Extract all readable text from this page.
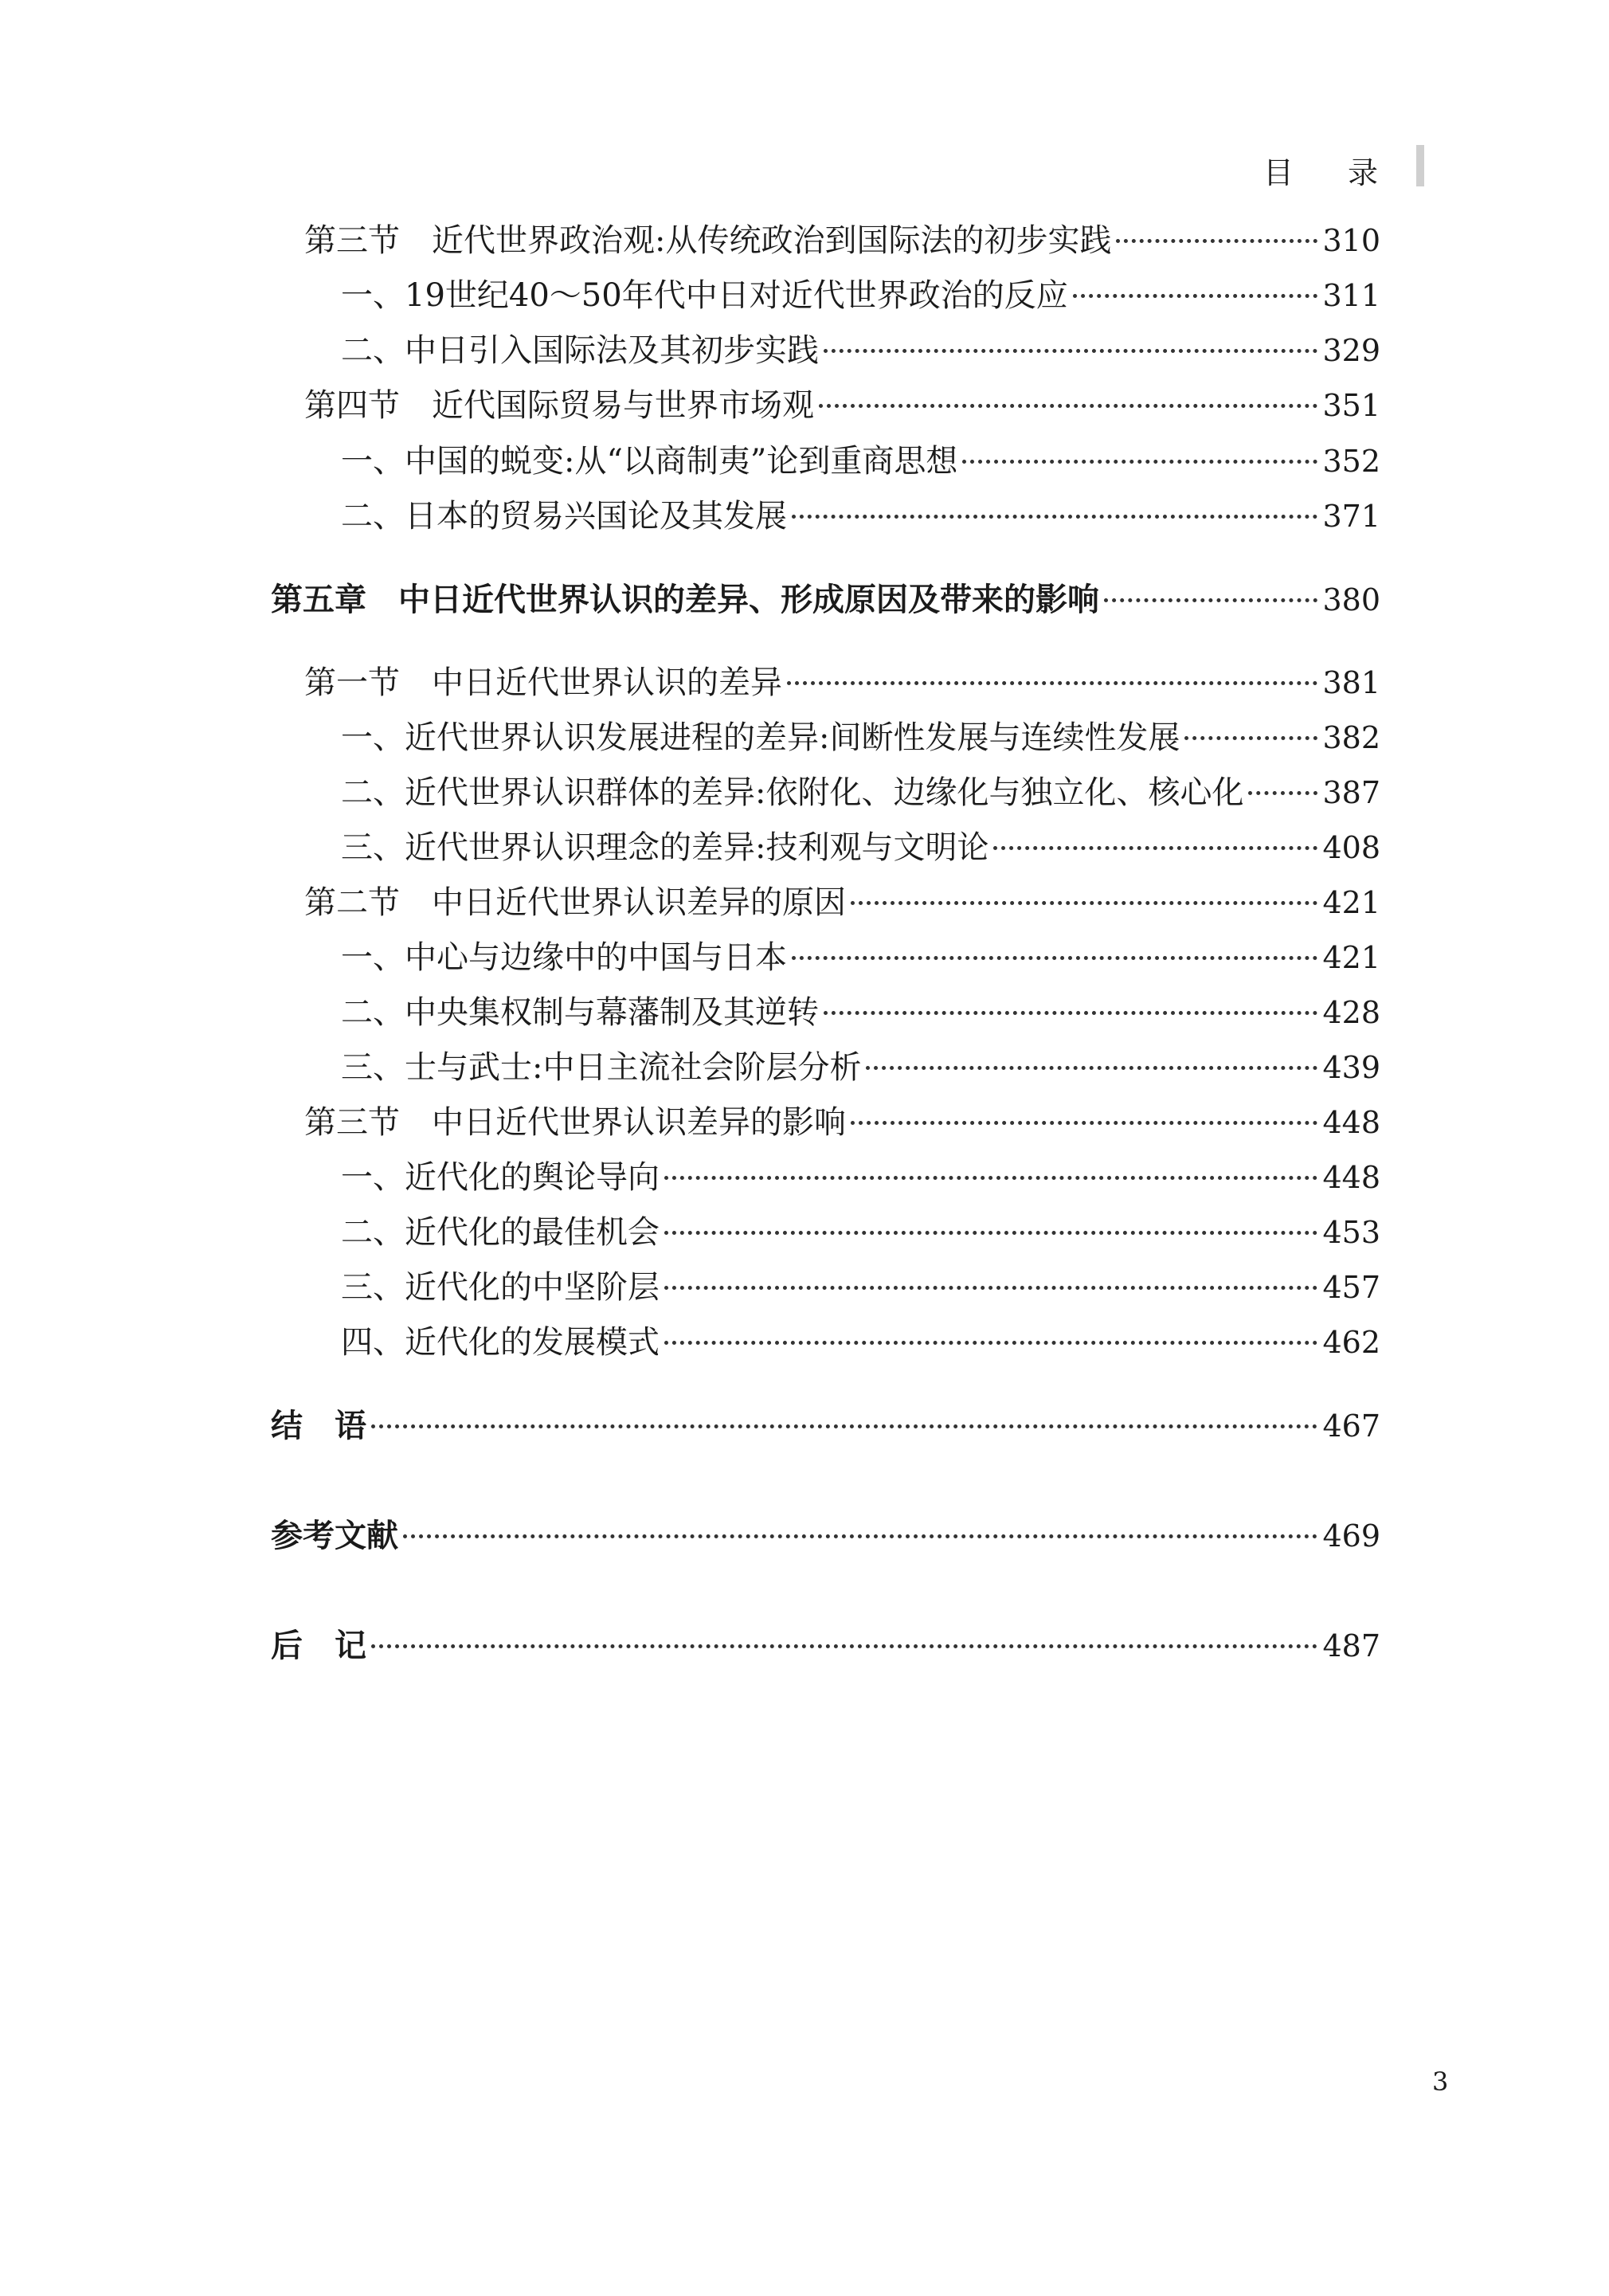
目 录
第三节　近代世界政治观:从传统政治到国际法的初步实践	310
一、19世纪40～50年代中日对近代世界政治的反应	311
二、中日引入国际法及其初步实践	329
第四节　近代国际贸易与世界市场观	351
一、中国的蜕变:从“以商制夷”论到重商思想	352
二、日本的贸易兴国论及其发展	371
第五章　中日近代世界认识的差异、形成原因及带来的影响	380
第一节　中日近代世界认识的差异	381
一、近代世界认识发展进程的差异:间断性发展与连续性发展	382
二、近代世界认识群体的差异:依附化、边缘化与独立化、核心化	387
三、近代世界认识理念的差异:技利观与文明论	408
第二节　中日近代世界认识差异的原因	421
一、中心与边缘中的中国与日本	421
二、中央集权制与幕藩制及其逆转	428
三、士与武士:中日主流社会阶层分析	439
第三节　中日近代世界认识差异的影响	448
一、近代化的舆论导向	448
二、近代化的最佳机会	453
三、近代化的中坚阶层	457
四、近代化的发展模式	462
结　语	467
参考文献	469
后　记	487
3
